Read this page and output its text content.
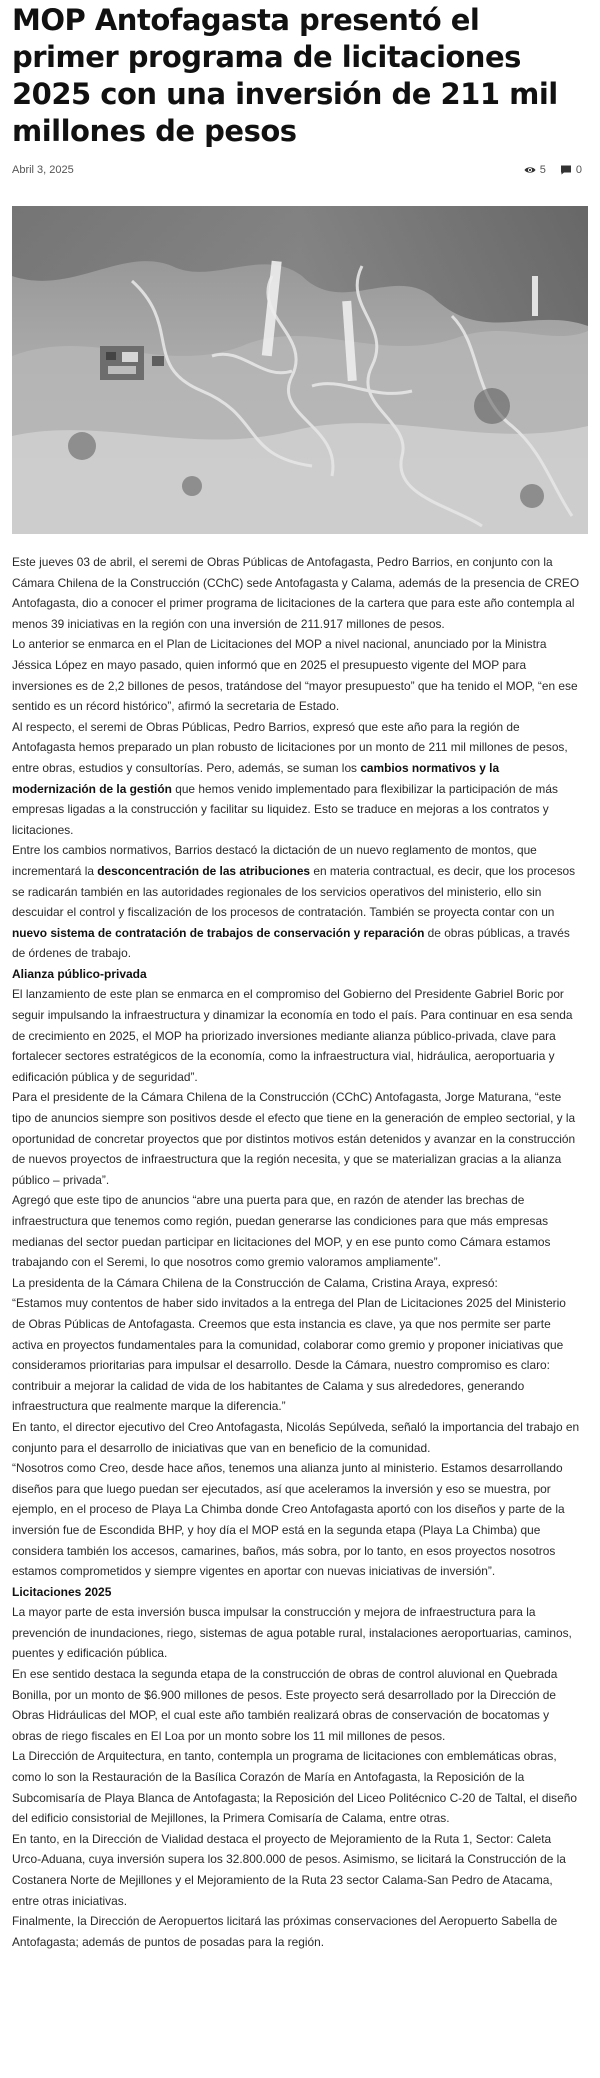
MOP Antofagasta presentó el primer programa de licitaciones 2025 con una inversión de 211 mil millones de pesos
Abril 3, 2025	5	0

Este jueves 03 de abril, el seremi de Obras Públicas de Antofagasta, Pedro Barrios, en conjunto con la Cámara Chilena de la Construcción (CChC) sede Antofagasta y Calama, además de la presencia de CREO Antofagasta, dio a conocer el primer programa de licitaciones de la cartera que para este año contempla al menos 39 iniciativas en la región con una inversión de 211.917 millones de pesos.

Lo anterior se enmarca en el Plan de Licitaciones del MOP a nivel nacional, anunciado por la Ministra Jéssica López en mayo pasado, quien informó que en 2025 el presupuesto vigente del MOP para inversiones es de 2,2 billones de pesos, tratándose del “mayor presupuesto” que ha tenido el MOP, “en ese sentido es un récord histórico”, afirmó la secretaria de Estado.

Al respecto, el seremi de Obras Públicas, Pedro Barrios, expresó que este año para la región de Antofagasta hemos preparado un plan robusto de licitaciones por un monto de 211 mil millones de pesos, entre obras, estudios y consultorías. Pero, además, se suman los cambios normativos y la modernización de la gestión que hemos venido implementado para flexibilizar la participación de más empresas ligadas a la construcción y facilitar su liquidez. Esto se traduce en mejoras a los contratos y licitaciones.

Entre los cambios normativos, Barrios destacó la dictación de un nuevo reglamento de montos, que incrementará la desconcentración de las atribuciones en materia contractual, es decir, que los procesos se radicarán también en las autoridades regionales de los servicios operativos del ministerio, ello sin descuidar el control y fiscalización de los procesos de contratación. También se proyecta contar con un nuevo sistema de contratación de trabajos de conservación y reparación de obras públicas, a través de órdenes de trabajo.

Alianza público-privada

El lanzamiento de este plan se enmarca en el compromiso del Gobierno del Presidente Gabriel Boric por seguir impulsando la infraestructura y dinamizar la economía en todo el país. Para continuar en esa senda de crecimiento en 2025, el MOP ha priorizado inversiones mediante alianza público-privada, clave para fortalecer sectores estratégicos de la economía, como la infraestructura vial, hidráulica, aeroportuaria y edificación pública y de seguridad”.

Para el presidente de la Cámara Chilena de la Construcción (CChC) Antofagasta, Jorge Maturana, “este tipo de anuncios siempre son positivos desde el efecto que tiene en la generación de empleo sectorial, y la oportunidad de concretar proyectos que por distintos motivos están detenidos y avanzar en la construcción de nuevos proyectos de infraestructura que la región necesita, y que se materializan gracias a la alianza público – privada”.

Agregó que este tipo de anuncios “abre una puerta para que, en razón de atender las brechas de infraestructura que tenemos como región, puedan generarse las condiciones para que más empresas medianas del sector puedan participar en licitaciones del MOP, y en ese punto como Cámara estamos trabajando con el Seremi, lo que nosotros como gremio valoramos ampliamente”.

La presidenta de la Cámara Chilena de la Construcción de Calama, Cristina Araya, expresó:

“Estamos muy contentos de haber sido invitados a la entrega del Plan de Licitaciones 2025 del Ministerio de Obras Públicas de Antofagasta. Creemos que esta instancia es clave, ya que nos permite ser parte activa en proyectos fundamentales para la comunidad, colaborar como gremio y proponer iniciativas que consideramos prioritarias para impulsar el desarrollo. Desde la Cámara, nuestro compromiso es claro: contribuir a mejorar la calidad de vida de los habitantes de Calama y sus alrededores, generando infraestructura que realmente marque la diferencia.”

En tanto, el director ejecutivo del Creo Antofagasta, Nicolás Sepúlveda, señaló la importancia del trabajo en conjunto para el desarrollo de iniciativas que van en beneficio de la comunidad.

“Nosotros como Creo, desde hace años, tenemos una alianza junto al ministerio. Estamos desarrollando diseños para que luego puedan ser ejecutados, así que aceleramos la inversión y eso se muestra, por ejemplo, en el proceso de Playa La Chimba donde Creo Antofagasta aportó con los diseños y parte de la inversión fue de Escondida BHP, y hoy día el MOP está en la segunda etapa (Playa La Chimba) que considera también los accesos, camarines, baños, más sobra, por lo tanto, en esos proyectos nosotros estamos comprometidos y siempre vigentes en aportar con nuevas iniciativas de inversión”.

Licitaciones 2025

La mayor parte de esta inversión busca impulsar la construcción y mejora de infraestructura para la prevención de inundaciones, riego, sistemas de agua potable rural, instalaciones aeroportuarias, caminos, puentes y edificación pública.

En ese sentido destaca la segunda etapa de la construcción de obras de control aluvional en Quebrada Bonilla, por un monto de $6.900 millones de pesos. Este proyecto será desarrollado por la Dirección de Obras Hidráulicas del MOP, el cual este año también realizará obras de conservación de bocatomas y obras de riego fiscales en El Loa por un monto sobre los 11 mil millones de pesos.

La Dirección de Arquitectura, en tanto, contempla un programa de licitaciones con emblemáticas obras, como lo son la Restauración de la Basílica Corazón de María en Antofagasta, la Reposición de la Subcomisaría de Playa Blanca de Antofagasta; la Reposición del Liceo Politécnico C-20 de Taltal, el diseño del edificio consistorial de Mejillones, la Primera Comisaría de Calama, entre otras.

En tanto, en la Dirección de Vialidad destaca el proyecto de Mejoramiento de la Ruta 1, Sector: Caleta Urco-Aduana, cuya inversión supera los 32.800.000 de pesos. Asimismo, se licitará la Construcción de la Costanera Norte de Mejillones y el Mejoramiento de la Ruta 23 sector Calama-San Pedro de Atacama, entre otras iniciativas.

Finalmente, la Dirección de Aeropuertos licitará las próximas conservaciones del Aeropuerto Sabella de Antofagasta; además de puntos de posadas para la región.
